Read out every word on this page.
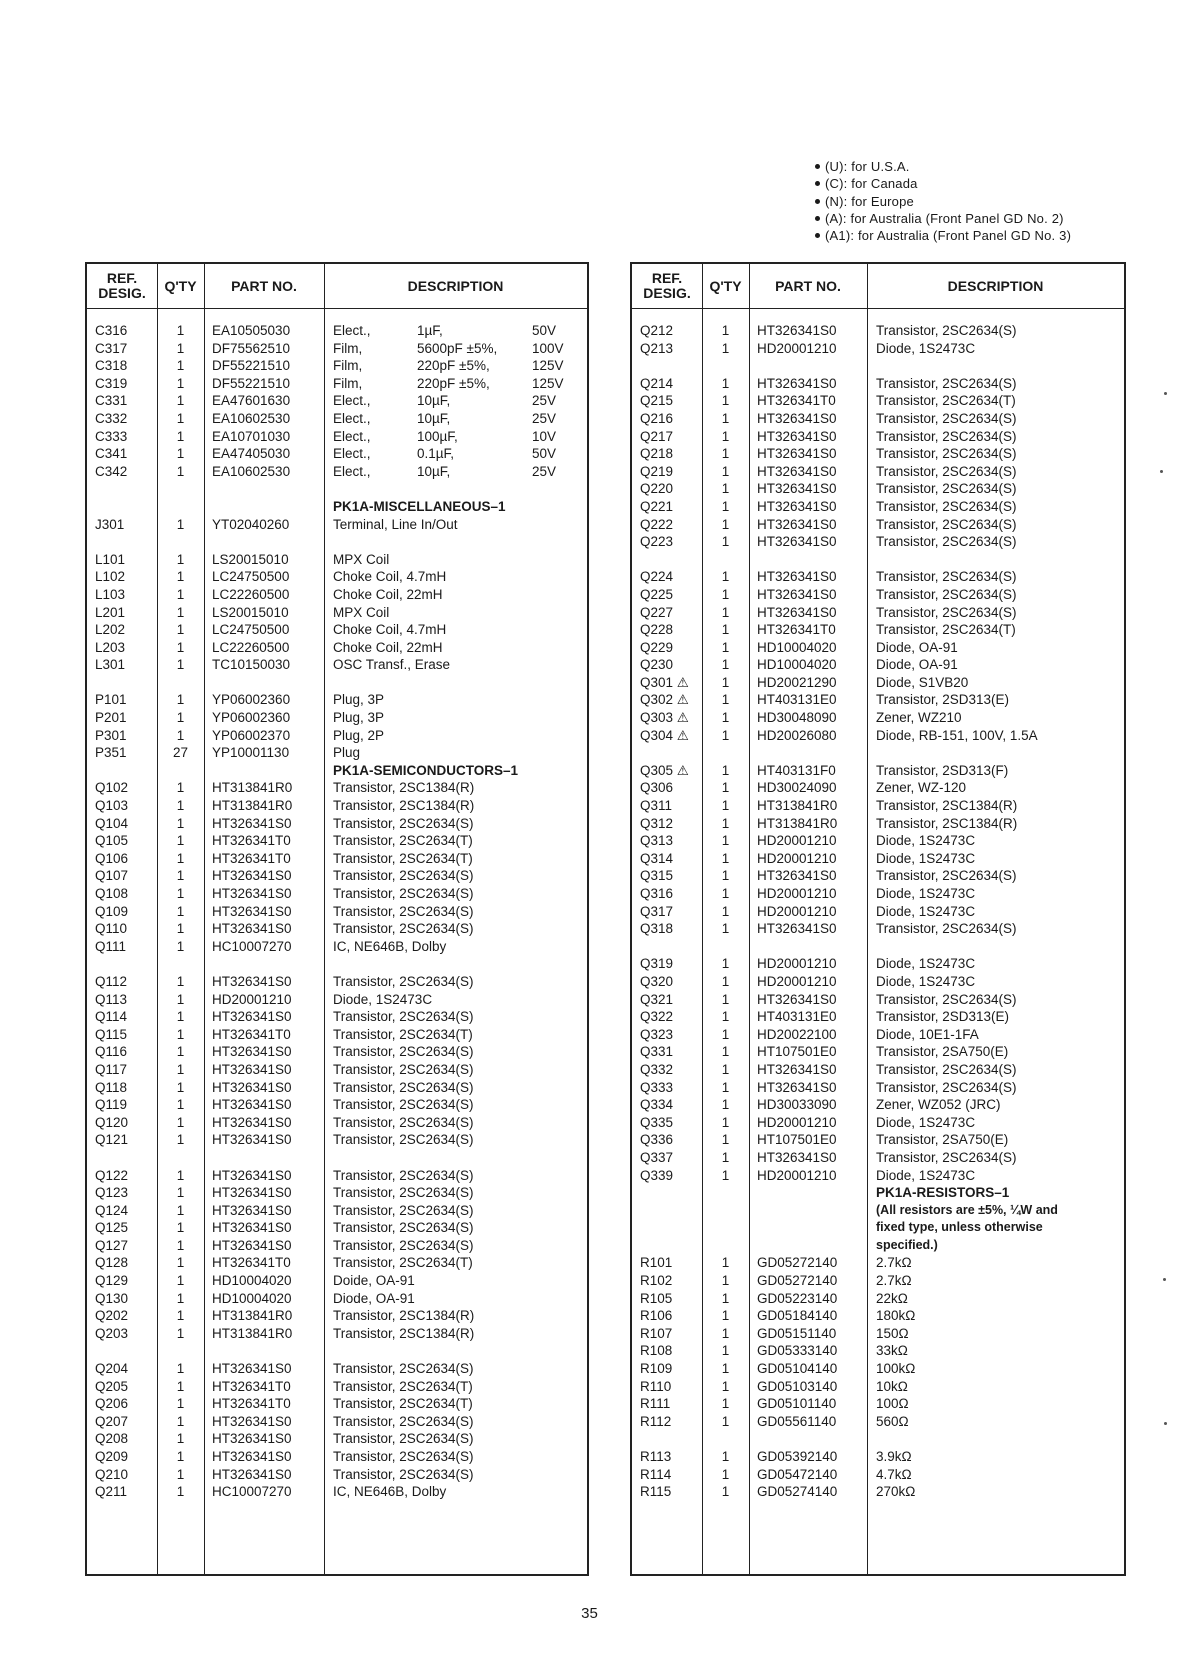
(U): for U.S.A.
(C): for Canada
(N): for Europe
(A): for Australia (Front Panel GD No. 2)
(A1): for Australia (Front Panel GD No. 3)
REF. DESIG.	Q'TY	PART NO.	DESCRIPTION
C316	1	EA10505030	Elect.,	1µF,	50V
C317	1	DF75562510	Film,	5600pF ±5%,	100V
C318	1	DF55221510	Film,	220pF ±5%,	125V
C319	1	DF55221510	Film,	220pF ±5%,	125V
C331	1	EA47601630	Elect.,	10µF,	25V
C332	1	EA10602530	Elect.,	10µF,	25V
C333	1	EA10701030	Elect.,	100µF,	10V
C341	1	EA47405030	Elect.,	0.1µF,	50V
C342	1	EA10602530	Elect.,	10µF,	25V
PK1A-MISCELLANEOUS–1
J301	1	YT02040260	Terminal, Line In/Out
L101	1	LS20015010	MPX Coil
L102	1	LC24750500	Choke Coil, 4.7mH
L103	1	LC22260500	Choke Coil, 22mH
L201	1	LS20015010	MPX Coil
L202	1	LC24750500	Choke Coil, 4.7mH
L203	1	LC22260500	Choke Coil, 22mH
L301	1	TC10150030	OSC Transf., Erase
P101	1	YP06002360	Plug, 3P
P201	1	YP06002360	Plug, 3P
P301	1	YP06002370	Plug, 2P
P351	27	YP10001130	Plug
PK1A-SEMICONDUCTORS–1
Q102	1	HT313841R0	Transistor, 2SC1384(R)
Q103	1	HT313841R0	Transistor, 2SC1384(R)
Q104	1	HT326341S0	Transistor, 2SC2634(S)
Q105	1	HT326341T0	Transistor, 2SC2634(T)
Q106	1	HT326341T0	Transistor, 2SC2634(T)
Q107	1	HT326341S0	Transistor, 2SC2634(S)
Q108	1	HT326341S0	Transistor, 2SC2634(S)
Q109	1	HT326341S0	Transistor, 2SC2634(S)
Q110	1	HT326341S0	Transistor, 2SC2634(S)
Q111	1	HC10007270	IC, NE646B, Dolby
Q112	1	HT326341S0	Transistor, 2SC2634(S)
Q113	1	HD20001210	Diode, 1S2473C
Q114	1	HT326341S0	Transistor, 2SC2634(S)
Q115	1	HT326341T0	Transistor, 2SC2634(T)
Q116	1	HT326341S0	Transistor, 2SC2634(S)
Q117	1	HT326341S0	Transistor, 2SC2634(S)
Q118	1	HT326341S0	Transistor, 2SC2634(S)
Q119	1	HT326341S0	Transistor, 2SC2634(S)
Q120	1	HT326341S0	Transistor, 2SC2634(S)
Q121	1	HT326341S0	Transistor, 2SC2634(S)
Q122	1	HT326341S0	Transistor, 2SC2634(S)
Q123	1	HT326341S0	Transistor, 2SC2634(S)
Q124	1	HT326341S0	Transistor, 2SC2634(S)
Q125	1	HT326341S0	Transistor, 2SC2634(S)
Q127	1	HT326341S0	Transistor, 2SC2634(S)
Q128	1	HT326341T0	Transistor, 2SC2634(T)
Q129	1	HD10004020	Doide, OA-91
Q130	1	HD10004020	Diode, OA-91
Q202	1	HT313841R0	Transistor, 2SC1384(R)
Q203	1	HT313841R0	Transistor, 2SC1384(R)
Q204	1	HT326341S0	Transistor, 2SC2634(S)
Q205	1	HT326341T0	Transistor, 2SC2634(T)
Q206	1	HT326341T0	Transistor, 2SC2634(T)
Q207	1	HT326341S0	Transistor, 2SC2634(S)
Q208	1	HT326341S0	Transistor, 2SC2634(S)
Q209	1	HT326341S0	Transistor, 2SC2634(S)
Q210	1	HT326341S0	Transistor, 2SC2634(S)
Q211	1	HC10007270	IC, NE646B, Dolby
REF. DESIG.	Q'TY	PART NO.	DESCRIPTION
Q212	1	HT326341S0	Transistor, 2SC2634(S)
Q213	1	HD20001210	Diode, 1S2473C
Q214	1	HT326341S0	Transistor, 2SC2634(S)
Q215	1	HT326341T0	Transistor, 2SC2634(T)
Q216	1	HT326341S0	Transistor, 2SC2634(S)
Q217	1	HT326341S0	Transistor, 2SC2634(S)
Q218	1	HT326341S0	Transistor, 2SC2634(S)
Q219	1	HT326341S0	Transistor, 2SC2634(S)
Q220	1	HT326341S0	Transistor, 2SC2634(S)
Q221	1	HT326341S0	Transistor, 2SC2634(S)
Q222	1	HT326341S0	Transistor, 2SC2634(S)
Q223	1	HT326341S0	Transistor, 2SC2634(S)
Q224	1	HT326341S0	Transistor, 2SC2634(S)
Q225	1	HT326341S0	Transistor, 2SC2634(S)
Q227	1	HT326341S0	Transistor, 2SC2634(S)
Q228	1	HT326341T0	Transistor, 2SC2634(T)
Q229	1	HD10004020	Diode, OA-91
Q230	1	HD10004020	Diode, OA-91
Q301 ⚠	1	HD20021290	Diode, S1VB20
Q302 ⚠	1	HT403131E0	Transistor, 2SD313(E)
Q303 ⚠	1	HD30048090	Zener, WZ210
Q304 ⚠	1	HD20026080	Diode, RB-151, 100V, 1.5A
Q305 ⚠	1	HT403131F0	Transistor, 2SD313(F)
Q306	1	HD30024090	Zener, WZ-120
Q311	1	HT313841R0	Transistor, 2SC1384(R)
Q312	1	HT313841R0	Transistor, 2SC1384(R)
Q313	1	HD20001210	Diode, 1S2473C
Q314	1	HD20001210	Diode, 1S2473C
Q315	1	HT326341S0	Transistor, 2SC2634(S)
Q316	1	HD20001210	Diode, 1S2473C
Q317	1	HD20001210	Diode, 1S2473C
Q318	1	HT326341S0	Transistor, 2SC2634(S)
Q319	1	HD20001210	Diode, 1S2473C
Q320	1	HD20001210	Diode, 1S2473C
Q321	1	HT326341S0	Transistor, 2SC2634(S)
Q322	1	HT403131E0	Transistor, 2SD313(E)
Q323	1	HD20022100	Diode, 10E1-1FA
Q331	1	HT107501E0	Transistor, 2SA750(E)
Q332	1	HT326341S0	Transistor, 2SC2634(S)
Q333	1	HT326341S0	Transistor, 2SC2634(S)
Q334	1	HD30033090	Zener, WZ052 (JRC)
Q335	1	HD20001210	Diode, 1S2473C
Q336	1	HT107501E0	Transistor, 2SA750(E)
Q337	1	HT326341S0	Transistor, 2SC2634(S)
Q339	1	HD20001210	Diode, 1S2473C
PK1A-RESISTORS–1
(All resistors are ±5%, ¼W and
fixed type, unless otherwise
specified.)
R101	1	GD05272140	2.7kΩ
R102	1	GD05272140	2.7kΩ
R105	1	GD05223140	22kΩ
R106	1	GD05184140	180kΩ
R107	1	GD05151140	150Ω
R108	1	GD05333140	33kΩ
R109	1	GD05104140	100kΩ
R110	1	GD05103140	10kΩ
R111	1	GD05101140	100Ω
R112	1	GD05561140	560Ω
R113	1	GD05392140	3.9kΩ
R114	1	GD05472140	4.7kΩ
R115	1	GD05274140	270kΩ
35
